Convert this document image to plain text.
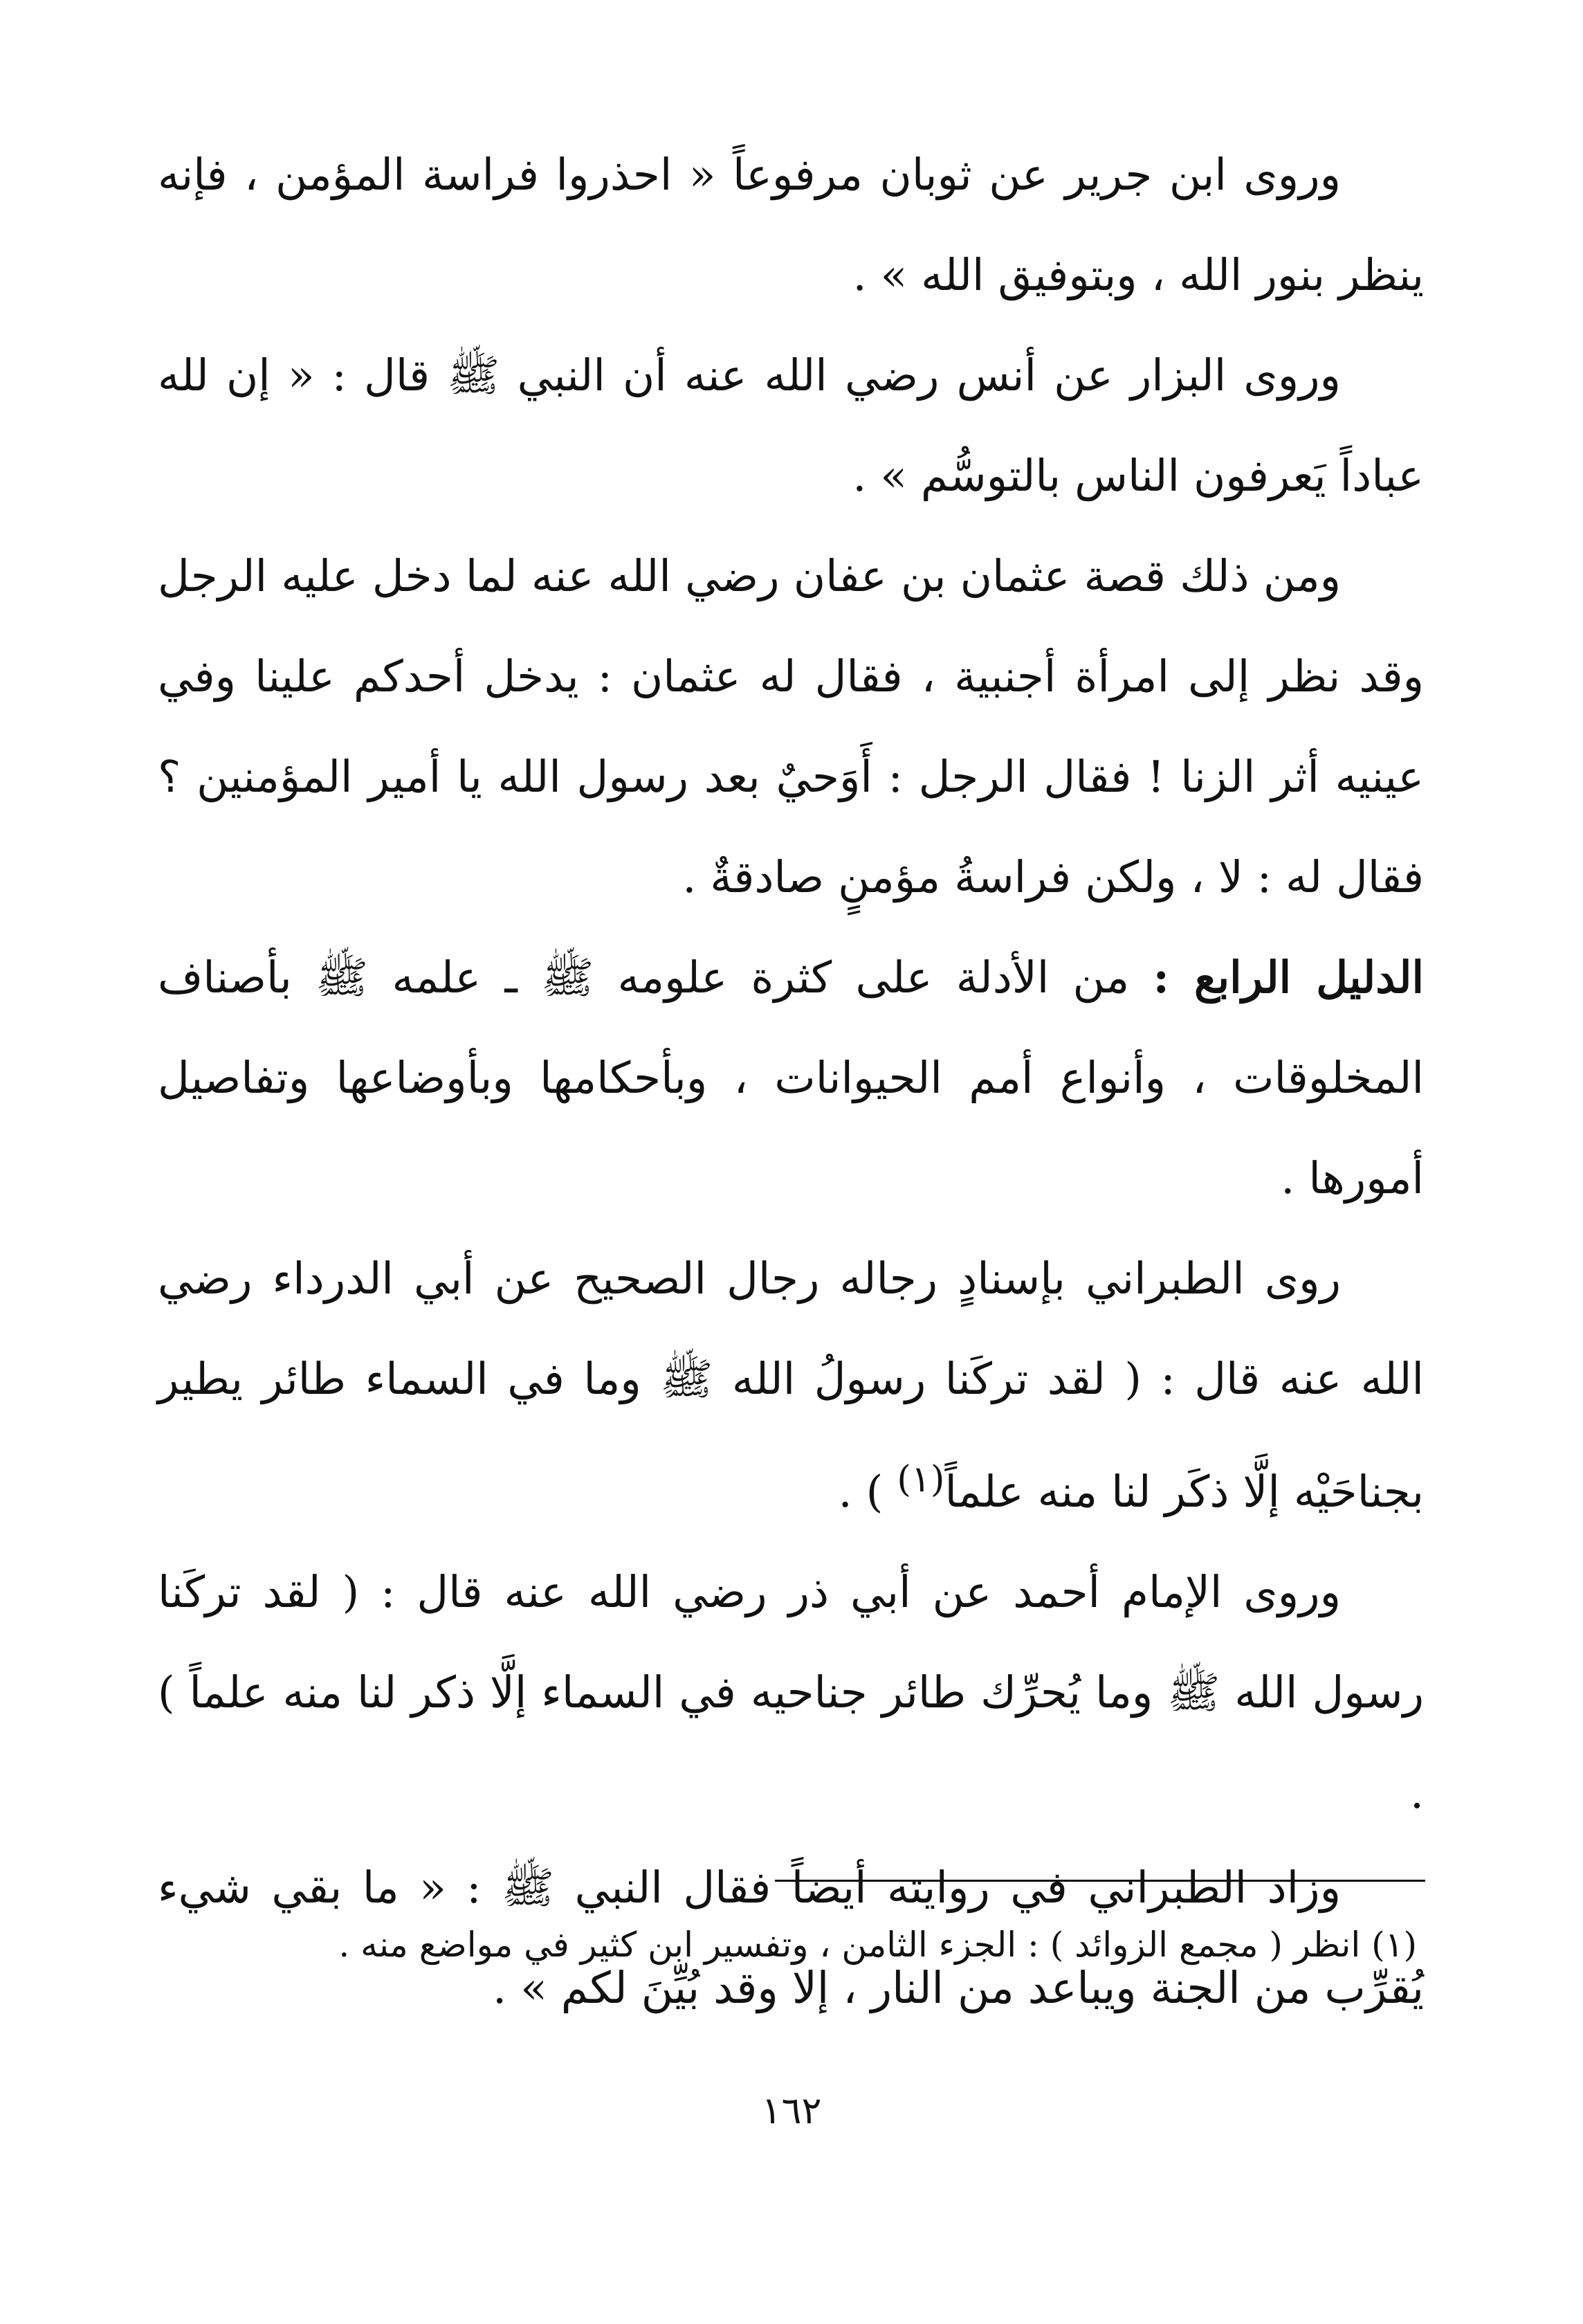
وروى ابن جرير عن ثوبان مرفوعاً « احذروا فراسة المؤمن ، فإنه ينظر بنور الله ، وبتوفيق الله » .

وروى البزار عن أنس رضي الله عنه أن النبي ﷺ قال : « إن لله عباداً يَعرفون الناس بالتوسُّم » .

ومن ذلك قصة عثمان بن عفان رضي الله عنه لما دخل عليه الرجل وقد نظر إلى امرأة أجنبية ، فقال له عثمان : يدخل أحدكم علينا وفي عينيه أثر الزنا ! فقال الرجل : أَوَحيٌ بعد رسول الله يا أمير المؤمنين ؟ فقال له : لا ، ولكن فراسةُ مؤمنٍ صادقةٌ .

الدليل الرابع : من الأدلة على كثرة علومه ﷺ ـ علمه ﷺ بأصناف المخلوقات ، وأنواع أمم الحيوانات ، وبأحكامها وبأوضاعها وتفاصيل أمورها .

روى الطبراني بإسنادٍ رجاله رجال الصحيح عن أبي الدرداء رضي الله عنه قال : ( لقد تركَنا رسولُ الله ﷺ وما في السماء طائر يطير بجناحَيْه إلَّا ذكَر لنا منه علماً$^{(١)}$ ) .

وروى الإمام أحمد عن أبي ذر رضي الله عنه قال : ( لقد تركَنا رسول الله ﷺ وما يُحرِّك طائر جناحيه في السماء إلَّا ذكر لنا منه علماً ) .

وزاد الطبراني في روايته أيضاً فقال النبي ﷺ : « ما بقي شيء يُقرِّب من الجنة ويباعد من النار ، إلا وقد بُيِّنَ لكم » .

(١) انظر ( مجمع الزوائد ) : الجزء الثامن ، وتفسير ابن كثير في مواضع منه .

١٦٢
